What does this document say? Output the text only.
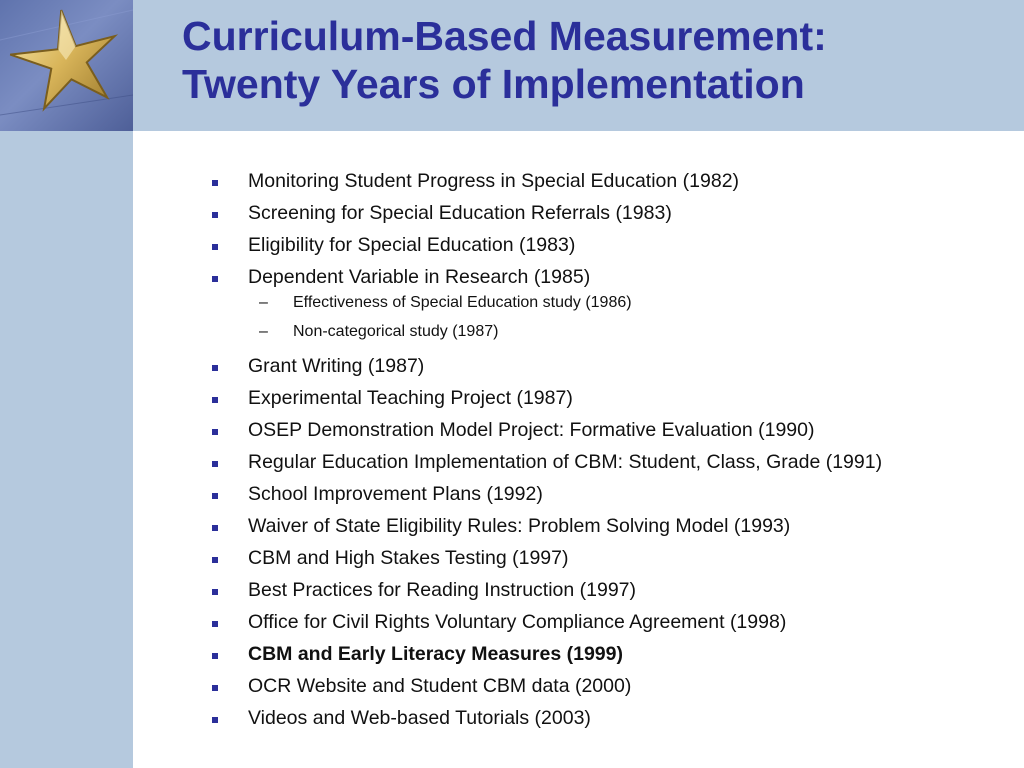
Curriculum-Based Measurement:
Twenty Years of Implementation
Monitoring Student Progress in Special Education (1982)
Screening for Special Education Referrals (1983)
Eligibility for Special Education (1983)
Dependent Variable in Research (1985)
– Effectiveness of Special Education study (1986)
– Non-categorical study (1987)
Grant Writing (1987)
Experimental Teaching Project (1987)
OSEP Demonstration Model Project: Formative Evaluation (1990)
Regular Education Implementation of CBM: Student, Class, Grade (1991)
School Improvement Plans (1992)
Waiver of State Eligibility Rules: Problem Solving Model (1993)
CBM and High Stakes Testing (1997)
Best Practices for Reading Instruction (1997)
Office for Civil Rights Voluntary Compliance Agreement (1998)
CBM and Early Literacy Measures (1999)
OCR Website and Student CBM data (2000)
Videos and Web-based Tutorials (2003)
